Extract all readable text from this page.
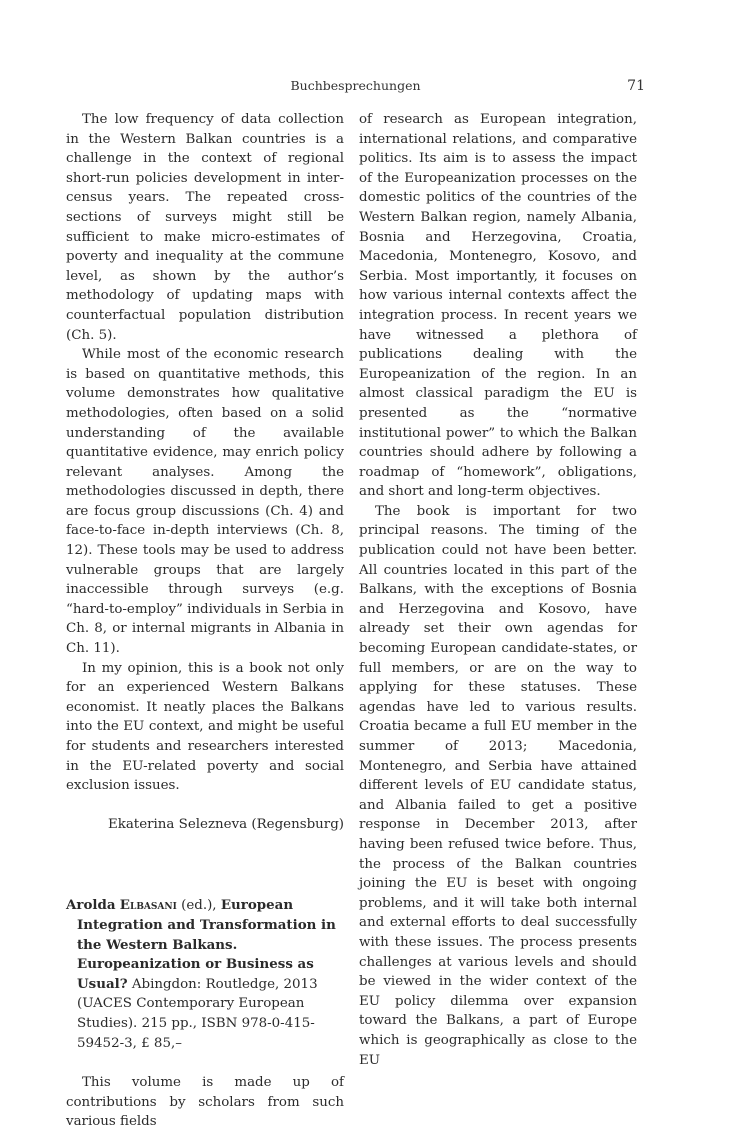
Buchbesprechungen	71

The low frequency of data collection in the Western Balkan countries is a challenge in the context of regional short-run policies development in inter-census years. The repeated cross-sections of surveys might still be sufficient to make micro-estimates of poverty and inequality at the commune level, as shown by the author’s methodology of updating maps with counterfactual population distribution (Ch. 5).

While most of the economic research is based on quantitative methods, this volume demonstrates how qualitative methodologies, often based on a solid understanding of the available quantitative evidence, may enrich policy relevant analyses. Among the methodologies discussed in depth, there are focus group discussions (Ch. 4) and face-to-face in-depth interviews (Ch. 8, 12). These tools may be used to address vulnerable groups that are largely inaccessible through surveys (e.g. “hard-to-employ” individuals in Serbia in Ch. 8, or internal migrants in Albania in Ch. 11).

In my opinion, this is a book not only for an experienced Western Balkans economist. It neatly places the Balkans into the EU context, and might be useful for students and researchers interested in the EU-related poverty and social exclusion issues.

Ekaterina Selezneva (Regensburg)

Arolda Elbasani (ed.), European Integration and Transformation in the Western Balkans. Europeanization or Business as Usual? Abingdon: Routledge, 2013 (UACES Contemporary European Studies). 215 pp., ISBN 978-0-415-59452-3, £ 85,–

This volume is made up of contributions by scholars from such various fields

of research as European integration, international relations, and comparative politics. Its aim is to assess the impact of the Europeanization processes on the domestic politics of the countries of the Western Balkan region, namely Albania, Bosnia and Herzegovina, Croatia, Macedonia, Montenegro, Kosovo, and Serbia. Most importantly, it focuses on how various internal contexts affect the integration process. In recent years we have witnessed a plethora of publications dealing with the Europeanization of the region. In an almost classical paradigm the EU is presented as the “normative institutional power” to which the Balkan countries should adhere by following a roadmap of “homework”, obligations, and short and long-term objectives.

The book is important for two principal reasons. The timing of the publication could not have been better. All countries located in this part of the Balkans, with the exceptions of Bosnia and Herzegovina and Kosovo, have already set their own agendas for becoming European candidate-states, or full members, or are on the way to applying for these statuses. These agendas have led to various results. Croatia became a full EU member in the summer of 2013; Macedonia, Montenegro, and Serbia have attained different levels of EU candidate status, and Albania failed to get a positive response in December 2013, after having been refused twice before. Thus, the process of the Balkan countries joining the EU is beset with ongoing problems, and it will take both internal and external efforts to deal successfully with these issues. The process presents challenges at various levels and should be viewed in the wider context of the EU policy dilemma over expansion toward the Balkans, a part of Europe which is geographically as close to the EU
